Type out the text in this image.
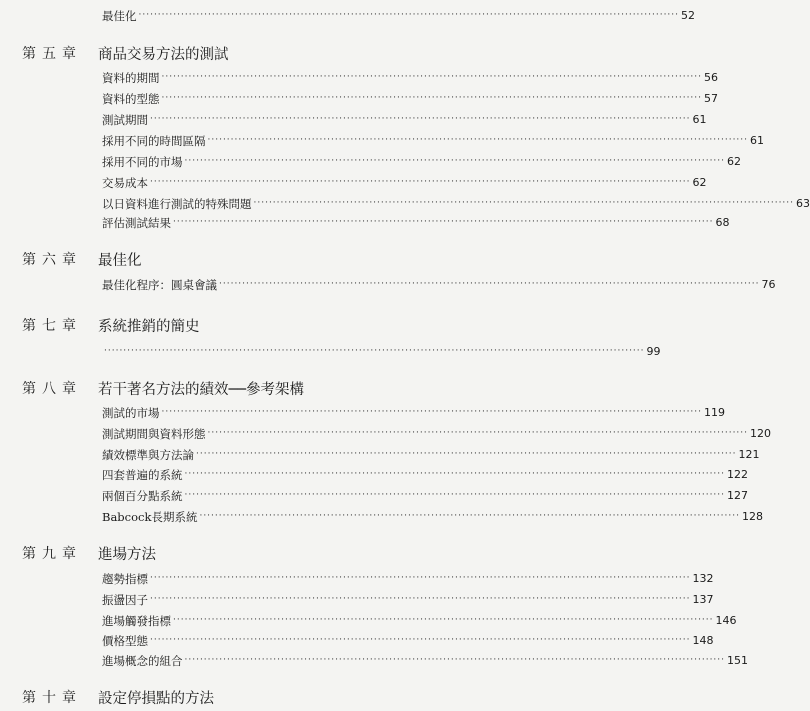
最佳化 ············································································································································ 52
第五章	商品交易方法的測試
資料的期間 ············································································································································ 56
資料的型態 ············································································································································ 57
測試期間 ············································································································································ 61
採用不同的時間區隔 ············································································································································ 61
採用不同的市場 ············································································································································ 62
交易成本 ············································································································································ 62
以日資料進行測試的特殊問題 ············································································································································ 63
評估測試結果 ············································································································································ 68
第六章	最佳化
最佳化程序：圓桌會議 ············································································································································ 76
第七章	系統推銷的簡史
············································································································································ 99
第八章	若干著名方法的績效──參考架構
測試的市場 ············································································································································ 119
測試期間與資料形態 ············································································································································ 120
績效標準與方法論 ············································································································································ 121
四套普遍的系統 ············································································································································ 122
兩個百分點系統 ············································································································································ 127
Babcock長期系統 ············································································································································ 128
第九章	進場方法
趨勢指標 ············································································································································ 132
振盪因子 ············································································································································ 137
進場觸發指標 ············································································································································ 146
價格型態 ············································································································································ 148
進場概念的組合 ············································································································································ 151
第十章	設定停損點的方法
